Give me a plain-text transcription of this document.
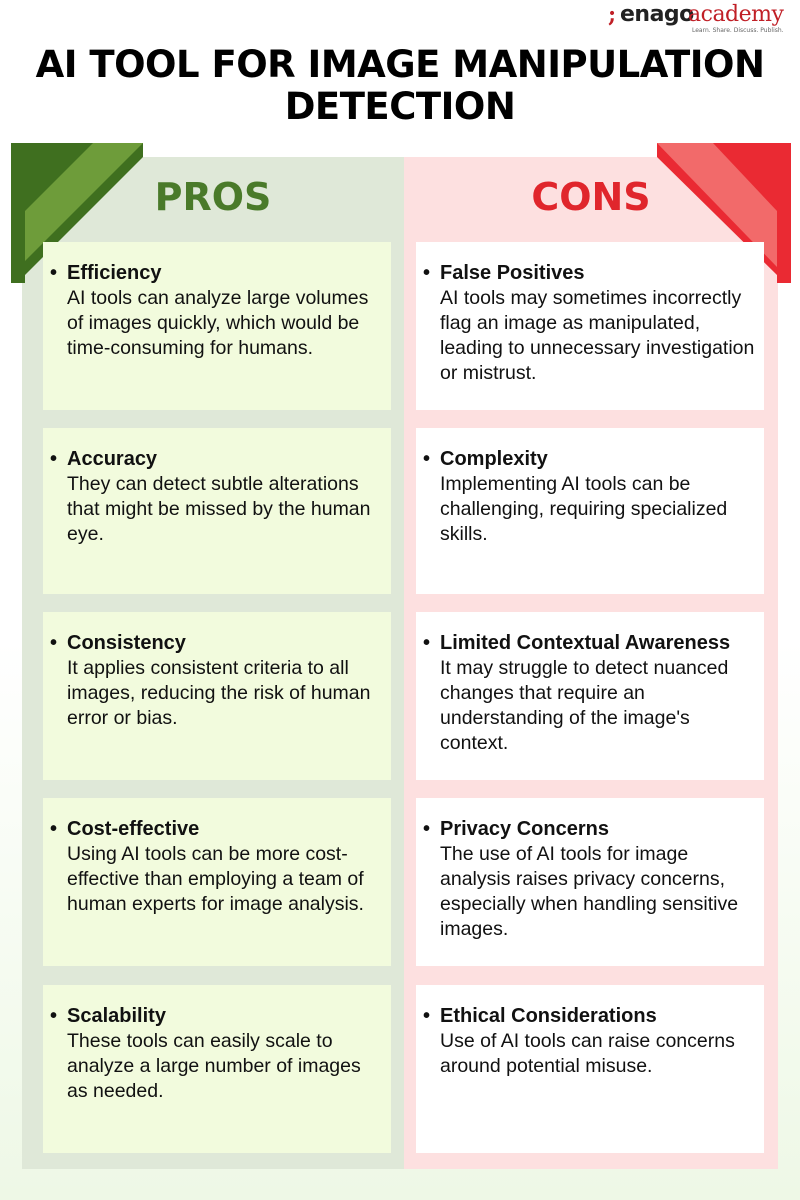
; enago
academy
Learn. Share. Discuss. Publish.
AI TOOL FOR IMAGE MANIPULATION
DETECTION
PROS	CONS
• Efficiency
AI tools can analyze large volumes of images quickly, which would be time-consuming for humans.
• Accuracy
They can detect subtle alterations that might be missed by the human eye.
• Consistency
It applies consistent criteria to all images, reducing the risk of human error or bias.
• Cost-effective
Using AI tools can be more cost-effective than employing a team of human experts for image analysis.
• Scalability
These tools can easily scale to analyze a large number of images as needed.
• False Positives
AI tools may sometimes incorrectly flag an image as manipulated, leading to unnecessary investigation or mistrust.
• Complexity
Implementing AI tools can be challenging, requiring specialized skills.
• Limited Contextual Awareness
It may struggle to detect nuanced changes that require an understanding of the image's context.
• Privacy Concerns
The use of AI tools for image analysis raises privacy concerns, especially when handling sensitive images.
• Ethical Considerations
Use of AI tools can raise concerns around potential misuse.
